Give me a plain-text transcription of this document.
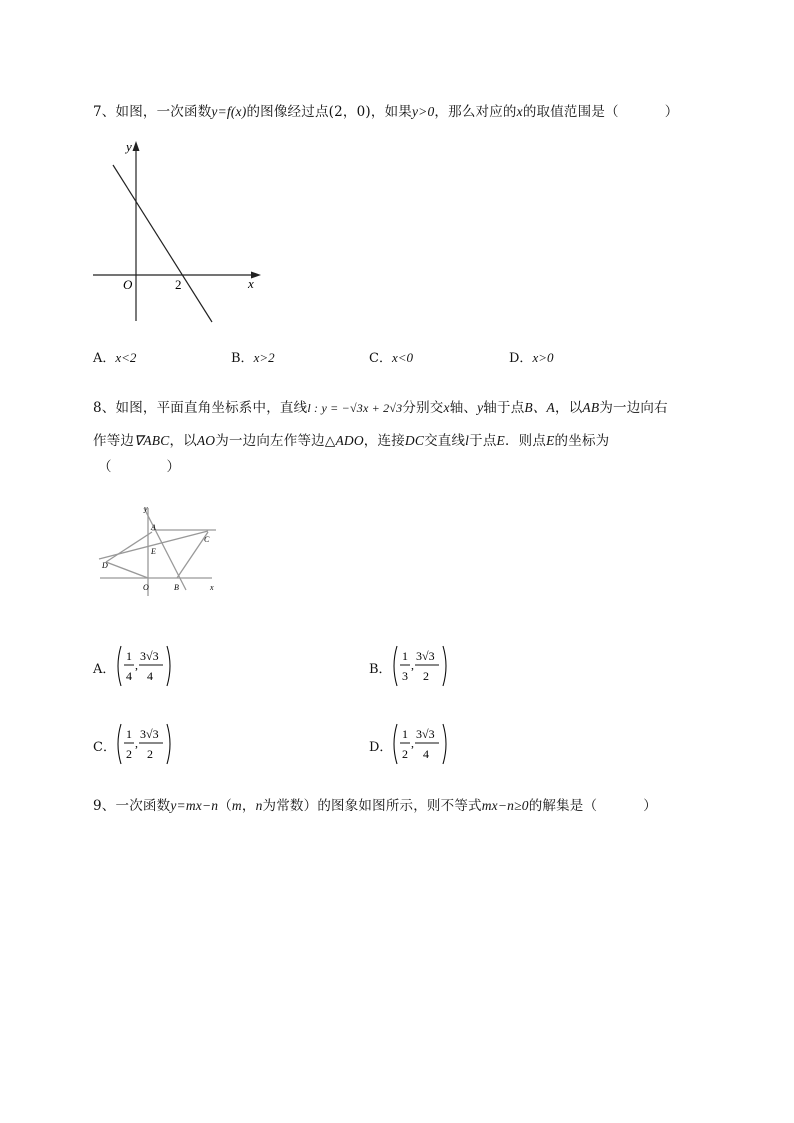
7、如图，一次函数y=f(x)的图像经过点(2，0)，如果y>0，那么对应的x的取值范围是（	）
y
x
O	2
A．x<2	B．x>2	C．x<0	D．x>0
8、如图，平面直角坐标系中，直线l : y = −√3x + 2√3分别交x轴、y轴于点B、A，以AB为一边向右
作等边∇ABC，以AO为一边向左作等边△ADO，连接DC交直线l于点E．则点E的坐标为
（　　　　）
y
A
C
E
D
O	B	x
A．
1
4
,
3√3
4	B．
1
3
,
3√3
2
C．
1
2
,
3√3
2	D．
1
2
,
3√3
4
9、一次函数y=mx−n（m，n为常数）的图象如图所示，则不等式mx−n≥0的解集是（	）
